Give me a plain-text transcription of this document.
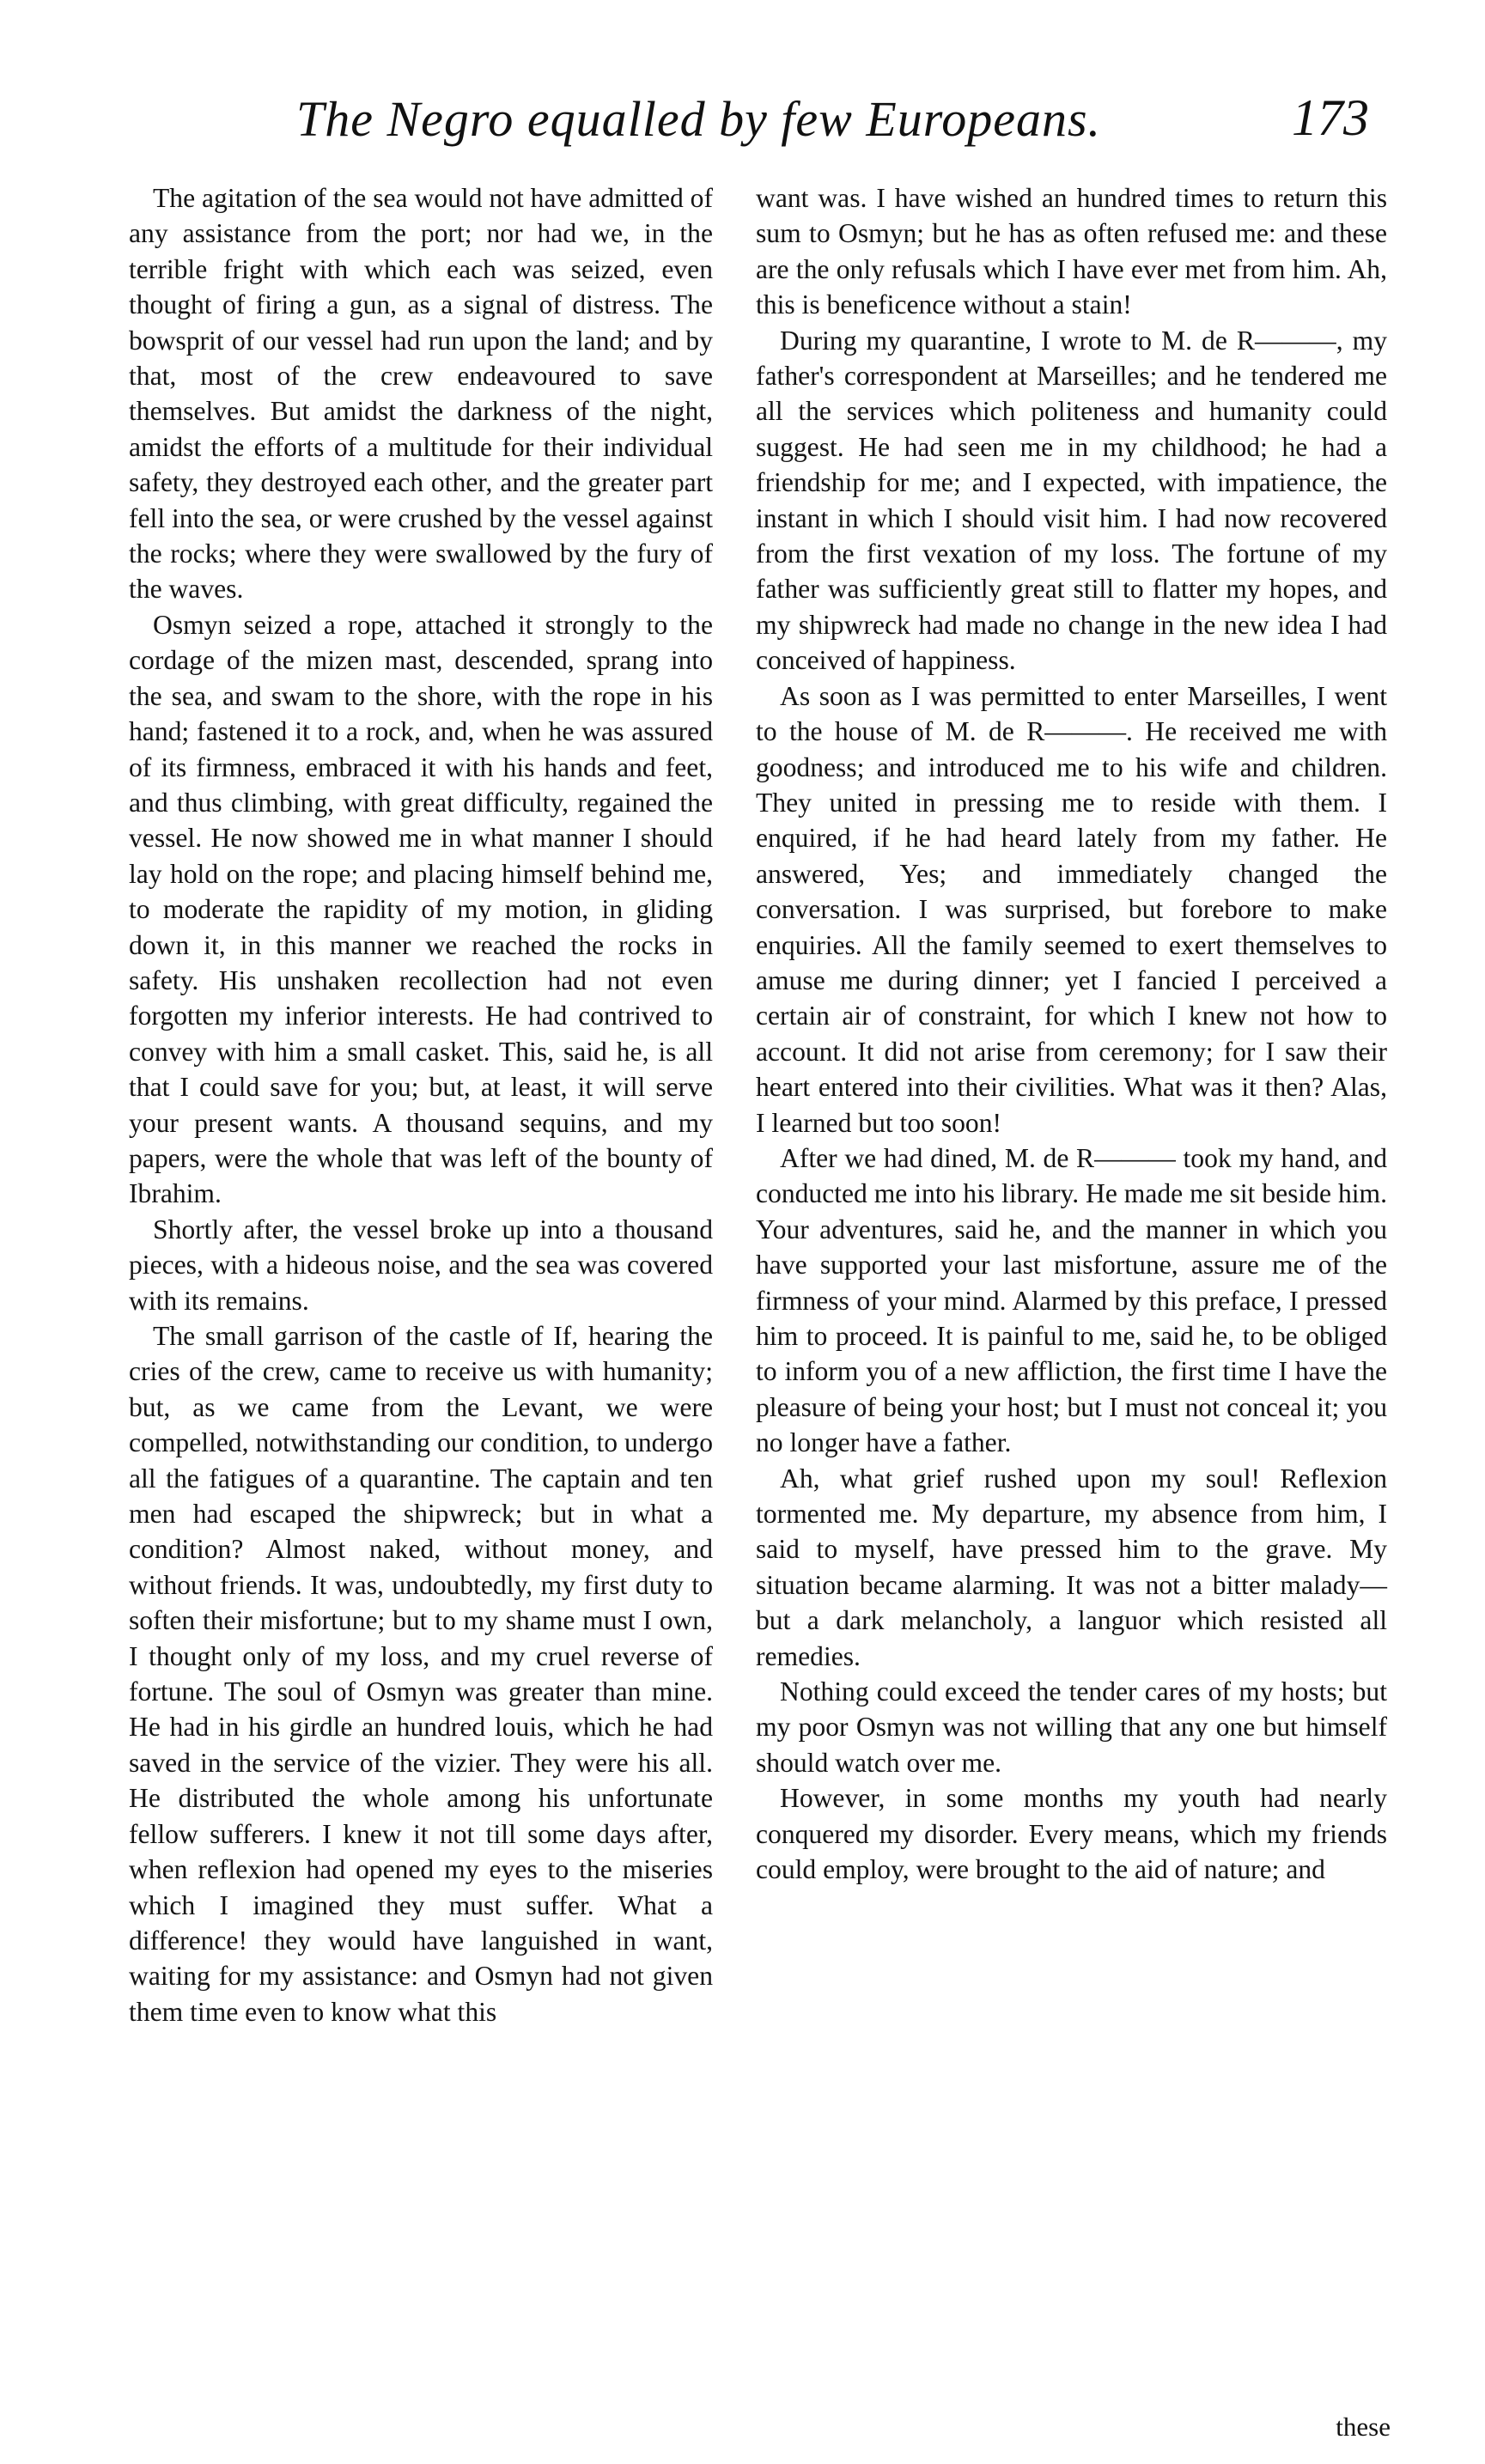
The Negro equalled by few Europeans.	173

The agitation of the sea would not have admitted of any assistance from the port; nor had we, in the terrible fright with which each was seized, even thought of firing a gun, as a signal of distress. The bowsprit of our vessel had run upon the land; and by that, most of the crew endeavoured to save themselves. But amidst the darkness of the night, amidst the efforts of a multitude for their individual safety, they destroyed each other, and the greater part fell into the sea, or were crushed by the vessel against the rocks; where they were swallowed by the fury of the waves.

Osmyn seized a rope, attached it strongly to the cordage of the mizen mast, descended, sprang into the sea, and swam to the shore, with the rope in his hand; fastened it to a rock, and, when he was assured of its firmness, embraced it with his hands and feet, and thus climbing, with great difficulty, regained the vessel. He now showed me in what manner I should lay hold on the rope; and placing himself behind me, to moderate the rapidity of my motion, in gliding down it, in this manner we reached the rocks in safety. His unshaken recollection had not even forgotten my inferior interests. He had contrived to convey with him a small casket. This, said he, is all that I could save for you; but, at least, it will serve your present wants. A thousand sequins, and my papers, were the whole that was left of the bounty of Ibrahim.

Shortly after, the vessel broke up into a thousand pieces, with a hideous noise, and the sea was covered with its remains.

The small garrison of the castle of If, hearing the cries of the crew, came to receive us with humanity; but, as we came from the Levant, we were compelled, notwithstanding our condition, to undergo all the fatigues of a quarantine. The captain and ten men had escaped the shipwreck; but in what a condition? Almost naked, without money, and without friends. It was, undoubtedly, my first duty to soften their misfortune; but to my shame must I own, I thought only of my loss, and my cruel reverse of fortune. The soul of Osmyn was greater than mine. He had in his girdle an hundred louis, which he had saved in the service of the vizier. They were his all. He distributed the whole among his unfortunate fellow sufferers. I knew it not till some days after, when reflexion had opened my eyes to the miseries which I imagined they must suffer. What a difference! they would have languished in want, waiting for my assistance: and Osmyn had not given them time even to know what this

want was. I have wished an hundred times to return this sum to Osmyn; but he has as often refused me: and these are the only refusals which I have ever met from him. Ah, this is beneficence without a stain!

During my quarantine, I wrote to M. de R———, my father's correspondent at Marseilles; and he tendered me all the services which politeness and humanity could suggest. He had seen me in my childhood; he had a friendship for me; and I expected, with impatience, the instant in which I should visit him. I had now recovered from the first vexation of my loss. The fortune of my father was sufficiently great still to flatter my hopes, and my shipwreck had made no change in the new idea I had conceived of happiness.

As soon as I was permitted to enter Marseilles, I went to the house of M. de R———. He received me with goodness; and introduced me to his wife and children. They united in pressing me to reside with them. I enquired, if he had heard lately from my father. He answered, Yes; and immediately changed the conversation. I was surprised, but forebore to make enquiries. All the family seemed to exert themselves to amuse me during dinner; yet I fancied I perceived a certain air of constraint, for which I knew not how to account. It did not arise from ceremony; for I saw their heart entered into their civilities. What was it then? Alas, I learned but too soon!

After we had dined, M. de R——— took my hand, and conducted me into his library. He made me sit beside him. Your adventures, said he, and the manner in which you have supported your last misfortune, assure me of the firmness of your mind. Alarmed by this preface, I pressed him to proceed. It is painful to me, said he, to be obliged to inform you of a new affliction, the first time I have the pleasure of being your host; but I must not conceal it; you no longer have a father.

Ah, what grief rushed upon my soul! Reflexion tormented me. My departure, my absence from him, I said to myself, have pressed him to the grave. My situation became alarming. It was not a bitter malady—but a dark melancholy, a languor which resisted all remedies.

Nothing could exceed the tender cares of my hosts; but my poor Osmyn was not willing that any one but himself should watch over me.

However, in some months my youth had nearly conquered my disorder. Every means, which my friends could employ, were brought to the aid of nature; and

these
